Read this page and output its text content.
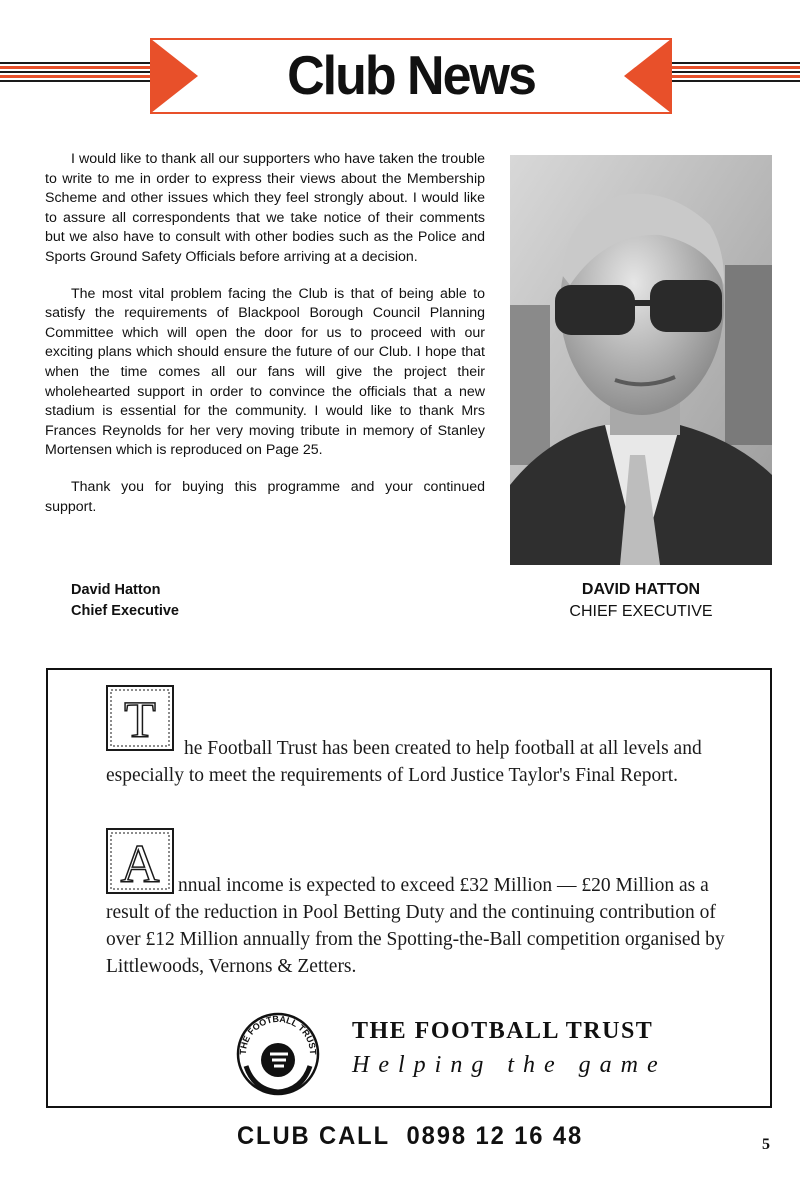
Club News

I would like to thank all our supporters who have taken the trouble to write to me in order to express their views about the Membership Scheme and other issues which they feel strongly about. I would like to assure all correspondents that we take notice of their comments but we also have to consult with other bodies such as the Police and Sports Ground Safety Officials before arriving at a decision.

The most vital problem facing the Club is that of being able to satisfy the requirements of Blackpool Borough Council Planning Committee which will open the door for us to proceed with our exciting plans which should ensure the future of our Club. I hope that when the time comes all our fans will give the project their wholehearted support in order to convince the officials that a new stadium is essential for the community. I would like to thank Mrs Frances Reynolds for her very moving tribute in memory of Stanley Mortensen which is reproduced on Page 25.

Thank you for buying this programme and your continued support.

David Hatton
Chief Executive
DAVID HATTON
CHIEF EXECUTIVE
T	he Football Trust has been created to help football at all levels and especially to meet the requirements of Lord Justice Taylor's Final Report.
A nnual income is expected to exceed £32 Million — £20 Million as a result of the reduction in Pool Betting Duty and the continuing contribution of over £12 Million annually from the Spotting-the-Ball competition organised by Littlewoods, Vernons & Zetters.
THE FOOTBALL TRUST
THE FOOTBALL TRUST
Helping the game
CLUB CALL  0898 12 16 48	5
